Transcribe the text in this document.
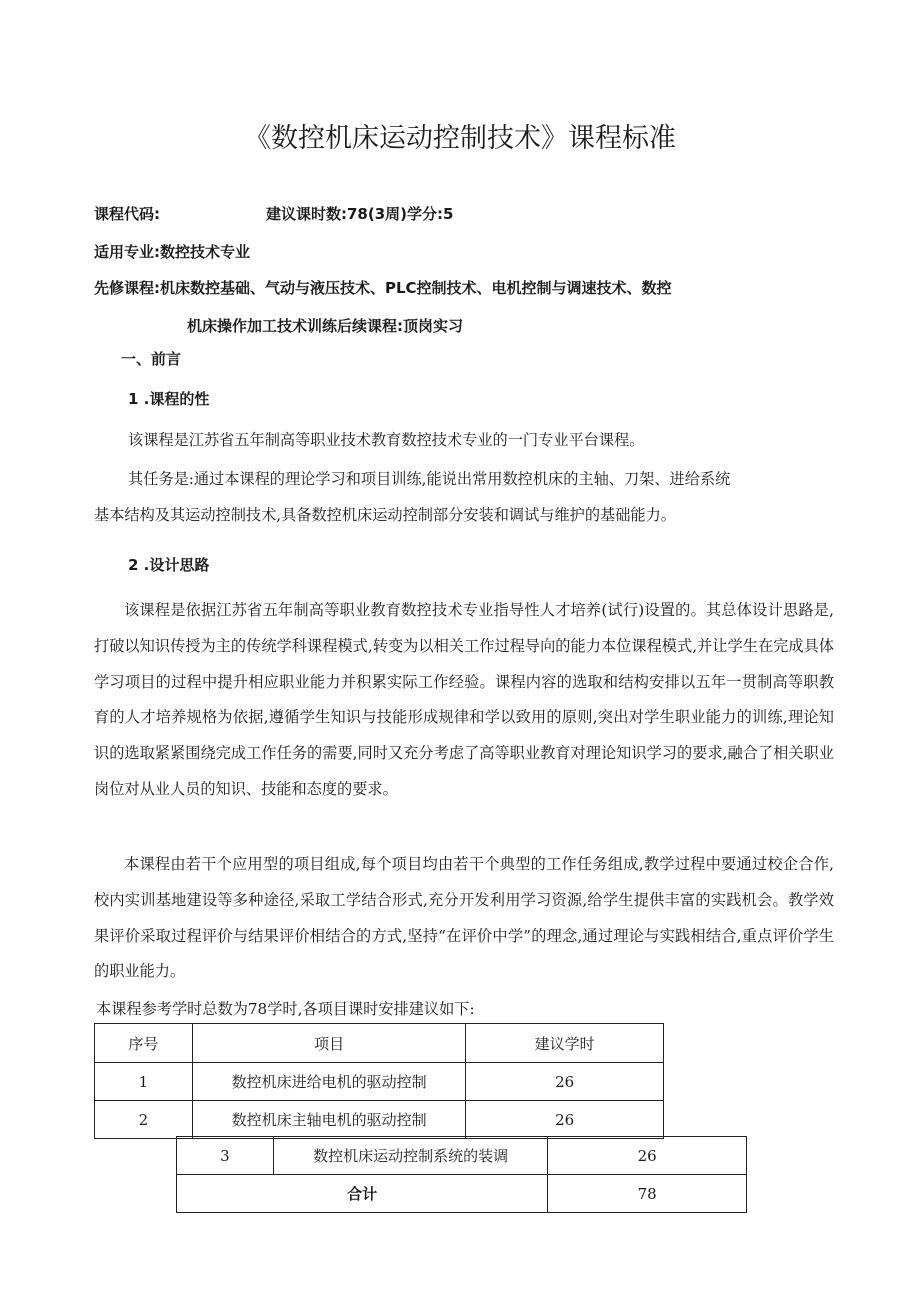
《数控机床运动控制技术》课程标准
课程代码:	建议课时数:78(3周)学分:5
适用专业:数控技术专业
先修课程:机床数控基础、气动与液压技术、PLC控制技术、电机控制与调速技术、数控
机床操作加工技术训练后续课程:顶岗实习
一、前言
1 .课程的性
该课程是江苏省五年制高等职业技术教育数控技术专业的一门专业平台课程。
其任务是:通过本课程的理论学习和项目训练,能说出常用数控机床的主轴、刀架、进给系统
基本结构及其运动控制技术,具备数控机床运动控制部分安装和调试与维护的基础能力。
2 .设计思路
该课程是依据江苏省五年制高等职业教育数控技术专业指导性人才培养(试行)设置的。其总体设计思路是,打破以知识传授为主的传统学科课程模式,转变为以相关工作过程导向的能力本位课程模式,并让学生在完成具体学习项目的过程中提升相应职业能力并积累实际工作经验。课程内容的选取和结构安排以五年一贯制高等职教育的人才培养规格为依据,遵循学生知识与技能形成规律和学以致用的原则,突出对学生职业能力的训练,理论知识的选取紧紧围绕完成工作任务的需要,同时又充分考虑了高等职业教育对理论知识学习的要求,融合了相关职业岗位对从业人员的知识、技能和态度的要求。
本课程由若干个应用型的项目组成,每个项目均由若干个典型的工作任务组成,教学过程中要通过校企合作,校内实训基地建设等多种途径,采取工学结合形式,充分开发利用学习资源,给学生提供丰富的实践机会。教学效果评价采取过程评价与结果评价相结合的方式,坚持“在评价中学”的理念,通过理论与实践相结合,重点评价学生的职业能力。
本课程参考学时总数为78学时,各项目课时安排建议如下:
序号	项目	建议学时
1	数控机床进给电机的驱动控制	26
2	数控机床主轴电机的驱动控制	26
3	数控机床运动控制系统的装调	26
合计		78
